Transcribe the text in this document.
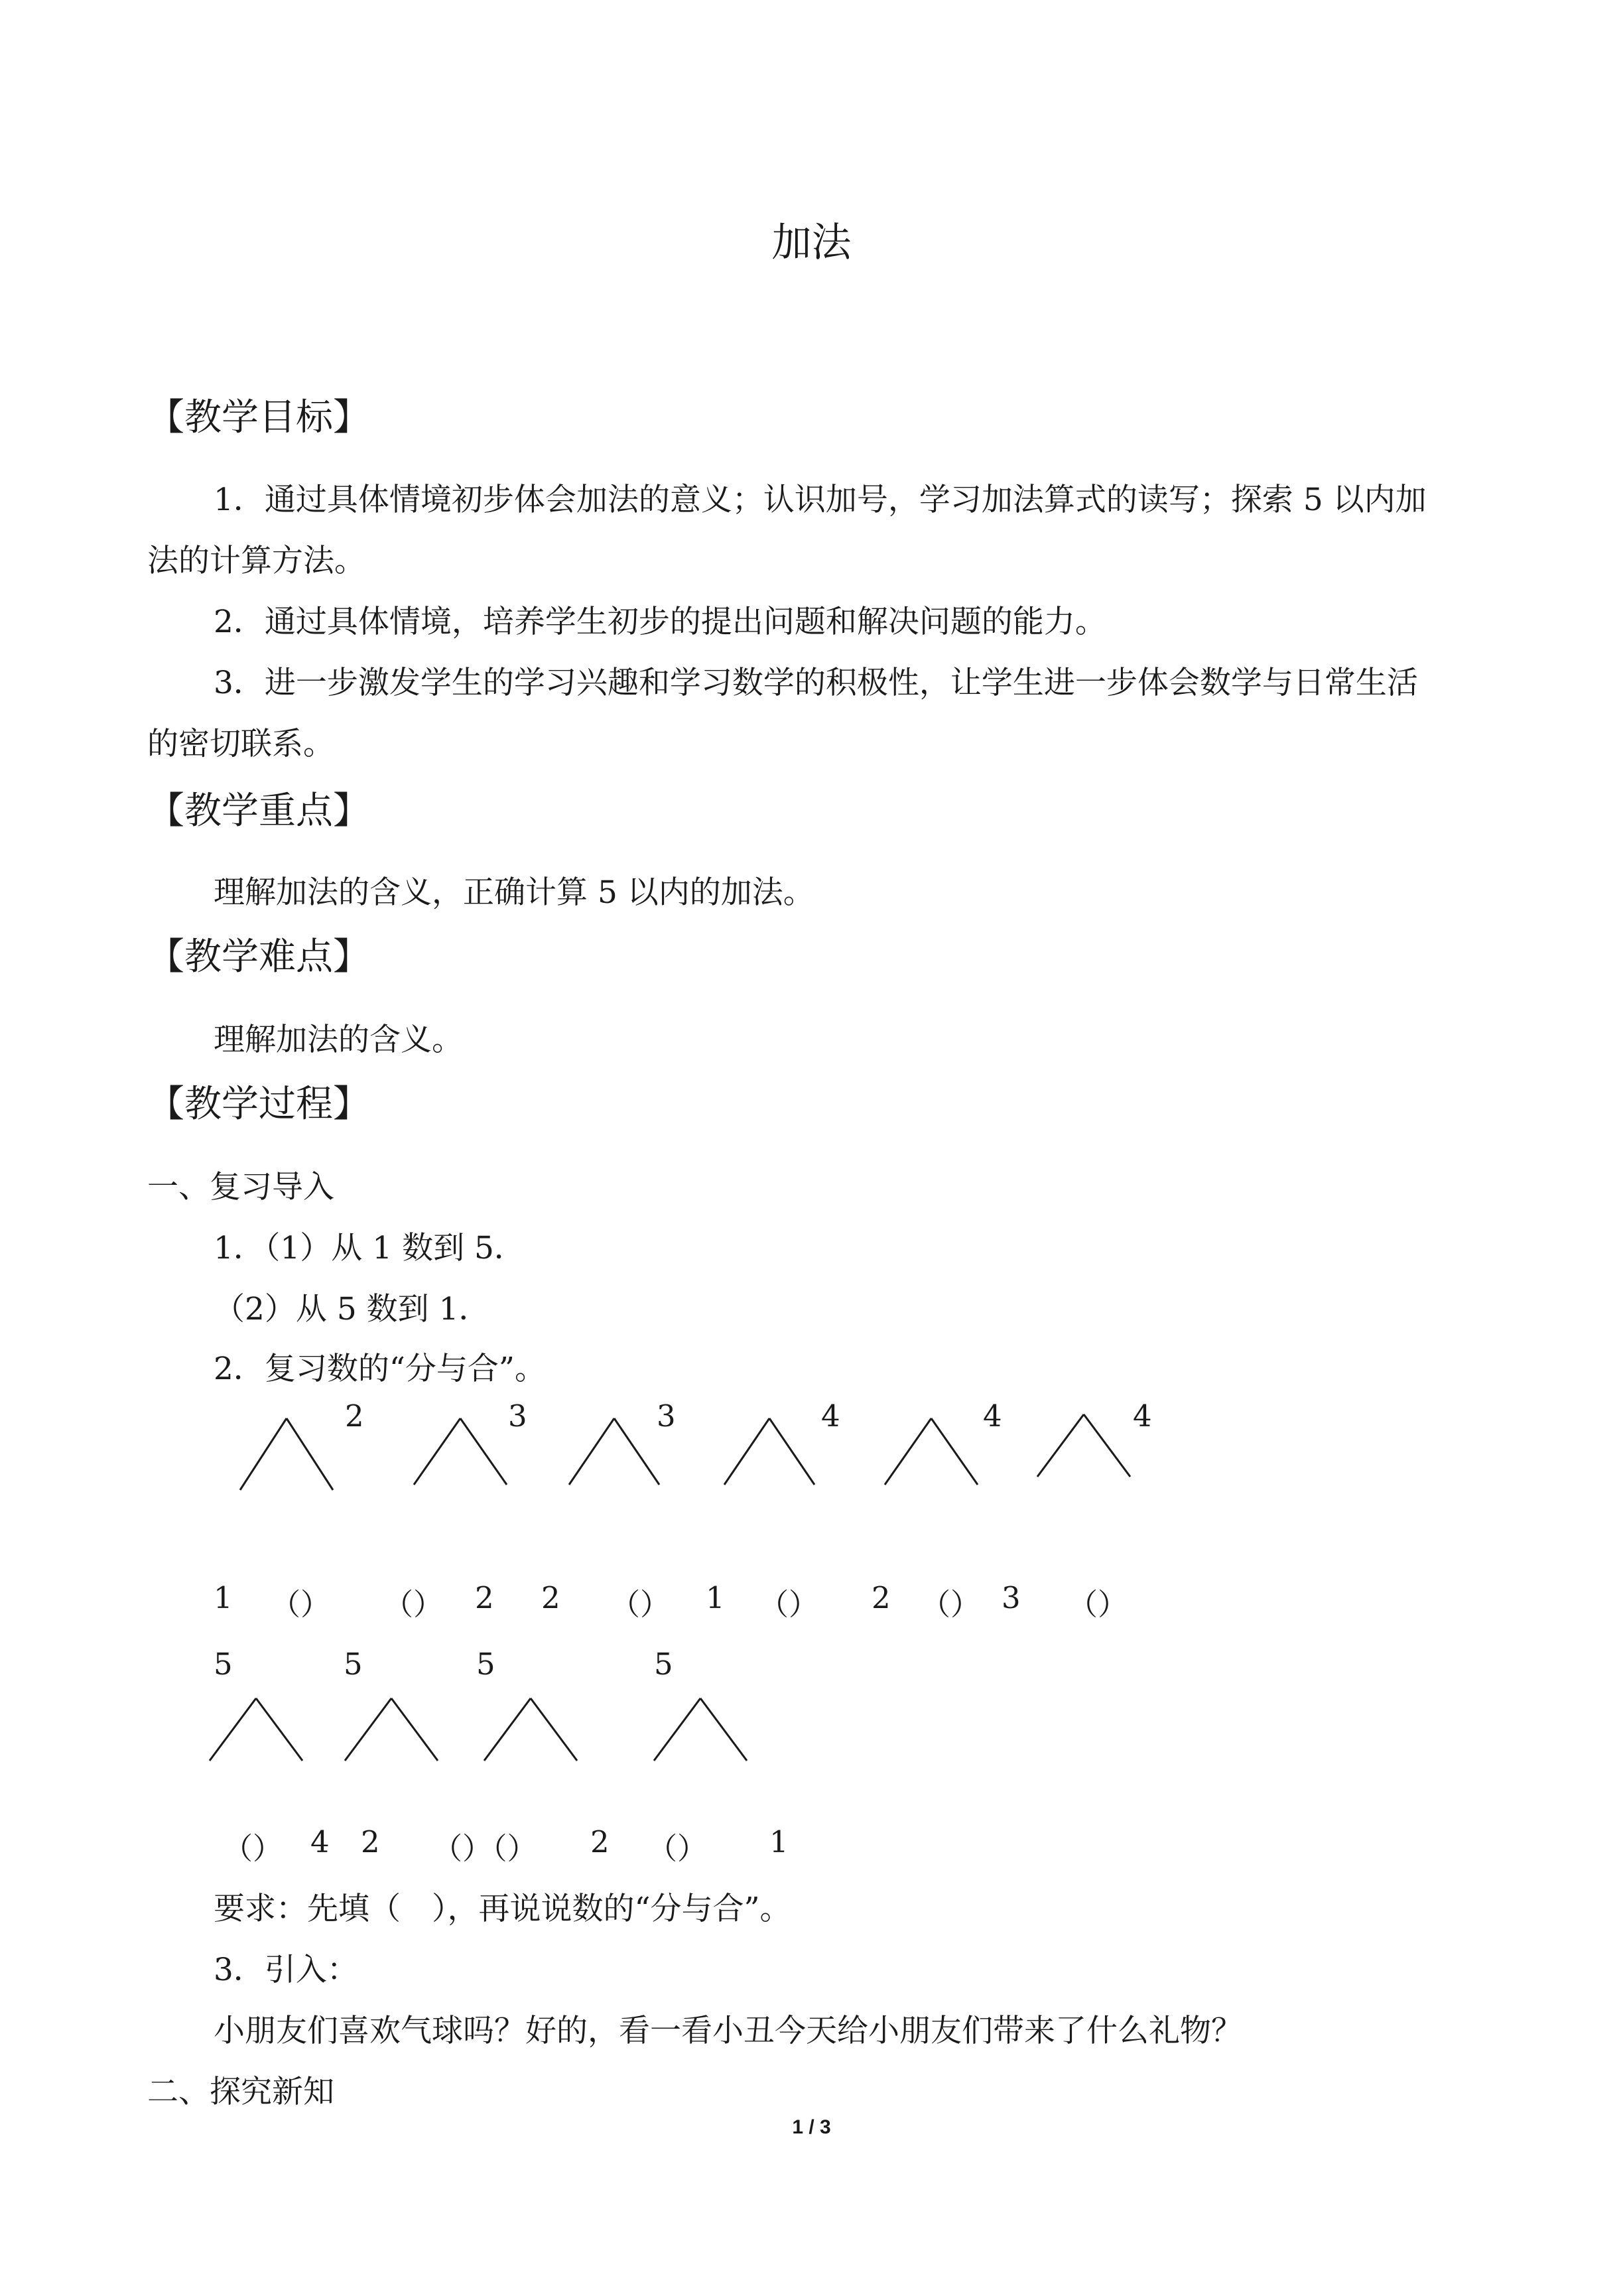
加法
【教学目标】
1．通过具体情境初步体会加法的意义；认识加号，学习加法算式的读写；探索 5 以内加
法的计算方法。
2．通过具体情境，培养学生初步的提出问题和解决问题的能力。
3．进一步激发学生的学习兴趣和学习数学的积极性，让学生进一步体会数学与日常生活
的密切联系。
【教学重点】
理解加法的含义，正确计算 5 以内的加法。
【教学难点】
理解加法的含义。
【教学过程】
一、复习导入
1．（1）从 1 数到 5．
（2）从 5 数到 1．
2．复习数的“分与合”。
2	3	3	4	4	4
1 （） （） 2 2 （） 1 （） 2 （） 3 （）
5	5	5	5
（） 4 2 （）（） 2 （） 1
要求：先填（　），再说说数的“分与合”。
3．引入：
小朋友们喜欢气球吗？好的，看一看小丑今天给小朋友们带来了什么礼物？
二、探究新知
1 / 3
